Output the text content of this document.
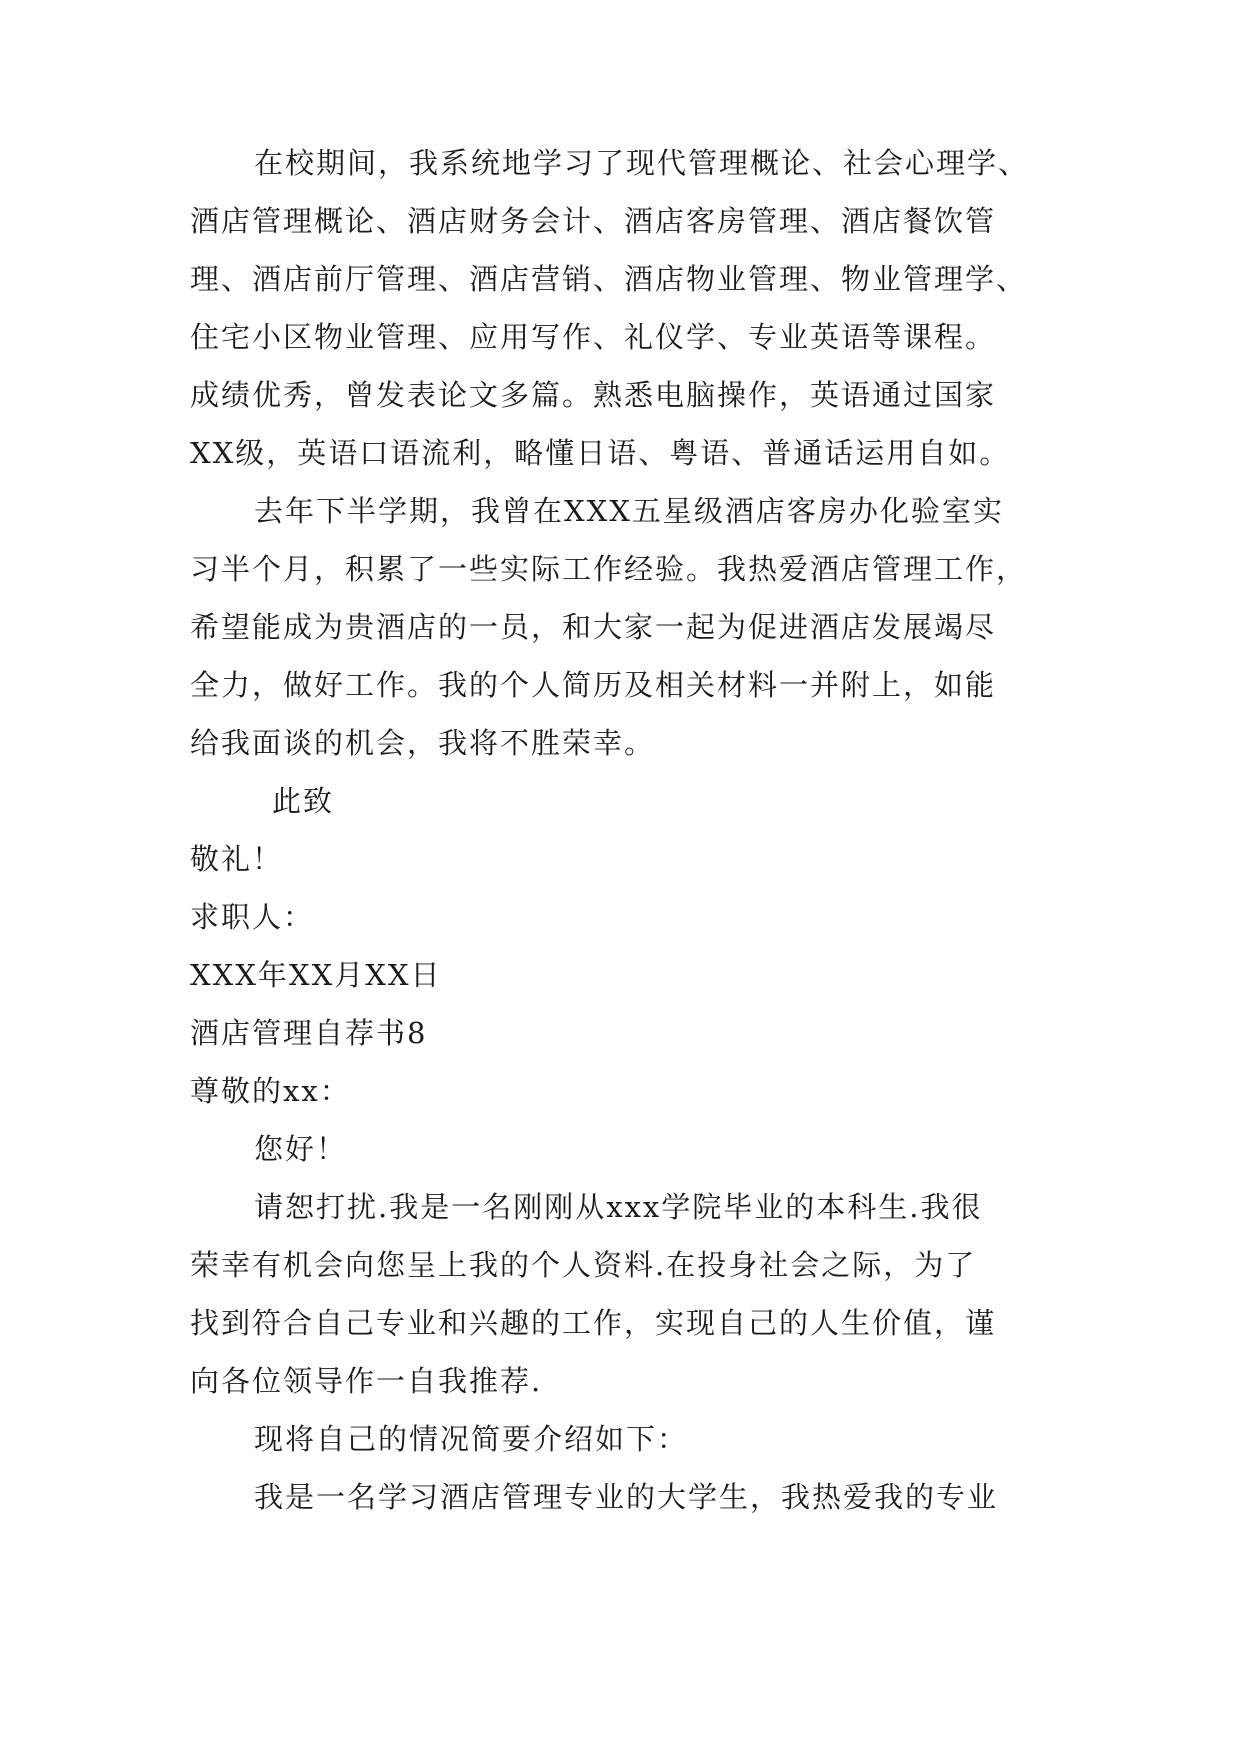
在校期间，我系统地学习了现代管理概论、社会心理学、
酒店管理概论、酒店财务会计、酒店客房管理、酒店餐饮管
理、酒店前厅管理、酒店营销、酒店物业管理、物业管理学、
住宅小区物业管理、应用写作、礼仪学、专业英语等课程。
成绩优秀，曾发表论文多篇。熟悉电脑操作，英语通过国家
XX级，英语口语流利，略懂日语、粤语、普通话运用自如。
去年下半学期，我曾在XXX五星级酒店客房办化验室实
习半个月，积累了一些实际工作经验。我热爱酒店管理工作，
希望能成为贵酒店的一员，和大家一起为促进酒店发展竭尽
全力，做好工作。我的个人简历及相关材料一并附上，如能
给我面谈的机会，我将不胜荣幸。
此致
敬礼！
求职人：
XXX年XX月XX日
酒店管理自荐书8
尊敬的xx：
您好！
请恕打扰.我是一名刚刚从xxx学院毕业的本科生.我很
荣幸有机会向您呈上我的个人资料.在投身社会之际，为了
找到符合自己专业和兴趣的工作，实现自己的人生价值，谨
向各位领导作一自我推荐.
现将自己的情况简要介绍如下：
我是一名学习酒店管理专业的大学生，我热爱我的专业
